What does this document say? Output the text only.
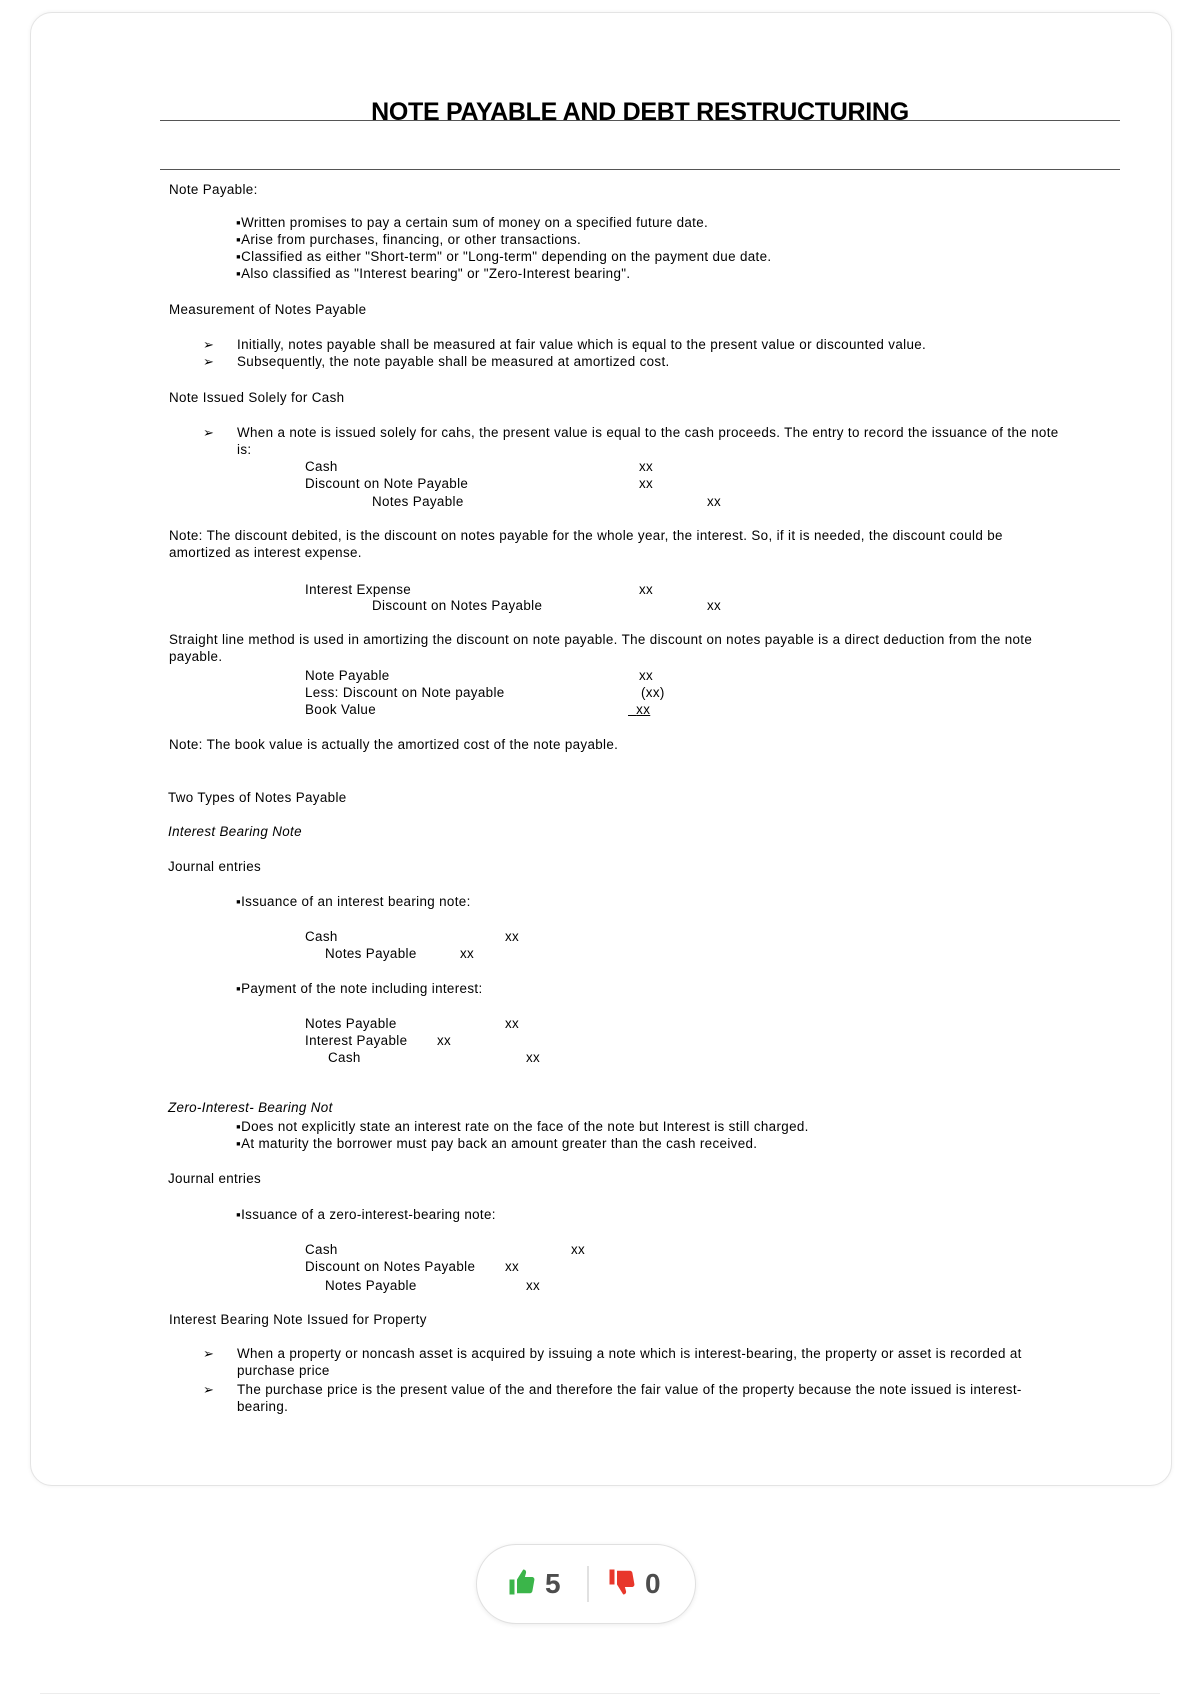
NOTE PAYABLE AND DEBT RESTRUCTURING
Note Payable:
▪Written promises to pay a certain sum of money on a specified future date.
▪Arise from purchases, financing, or other transactions.
▪Classified as either "Short-term" or "Long-term" depending on the payment due date.
▪Also classified as "Interest bearing" or "Zero-Interest bearing".
Measurement of Notes Payable
➢ Initially, notes payable shall be measured at fair value which is equal to the present value or discounted value.
➢ Subsequently, the note payable shall be measured at amortized cost.
Note Issued Solely for Cash
➢ When a note is issued solely for cahs, the present value is equal to the cash proceeds. The entry to record the issuance of the note
is:
Cash	xx
Discount on Note Payable	xx
Notes Payable	xx
Note: The discount debited, is the discount on notes payable for the whole year, the interest. So, if it is needed, the discount could be
amortized as interest expense.
Interest Expense	xx
Discount on Notes Payable	xx
Straight line method is used in amortizing the discount on note payable. The discount on notes payable is a direct deduction from the note
payable.
Note Payable	xx
Less: Discount on Note payable	(xx)
Book Value	xx
Note: The book value is actually the amortized cost of the note payable.
Two Types of Notes Payable
Interest Bearing Note
Journal entries
▪Issuance of an interest bearing note:
Cash	xx
Notes Payable	xx
▪Payment of the note including interest:
Notes Payable	xx
Interest Payable xx
Cash	xx
Zero-Interest- Bearing Not
▪Does not explicitly state an interest rate on the face of the note but Interest is still charged.
▪At maturity the borrower must pay back an amount greater than the cash received.
Journal entries
▪Issuance of a zero-interest-bearing note:
Cash	xx
Discount on Notes Payable xx
Notes Payable	xx
Interest Bearing Note Issued for Property
➢ When a property or noncash asset is acquired by issuing a note which is interest-bearing, the property or asset is recorded at
purchase price
➢ The purchase price is the present value of the and therefore the fair value of the property because the note issued is interest-
bearing.
5	0
